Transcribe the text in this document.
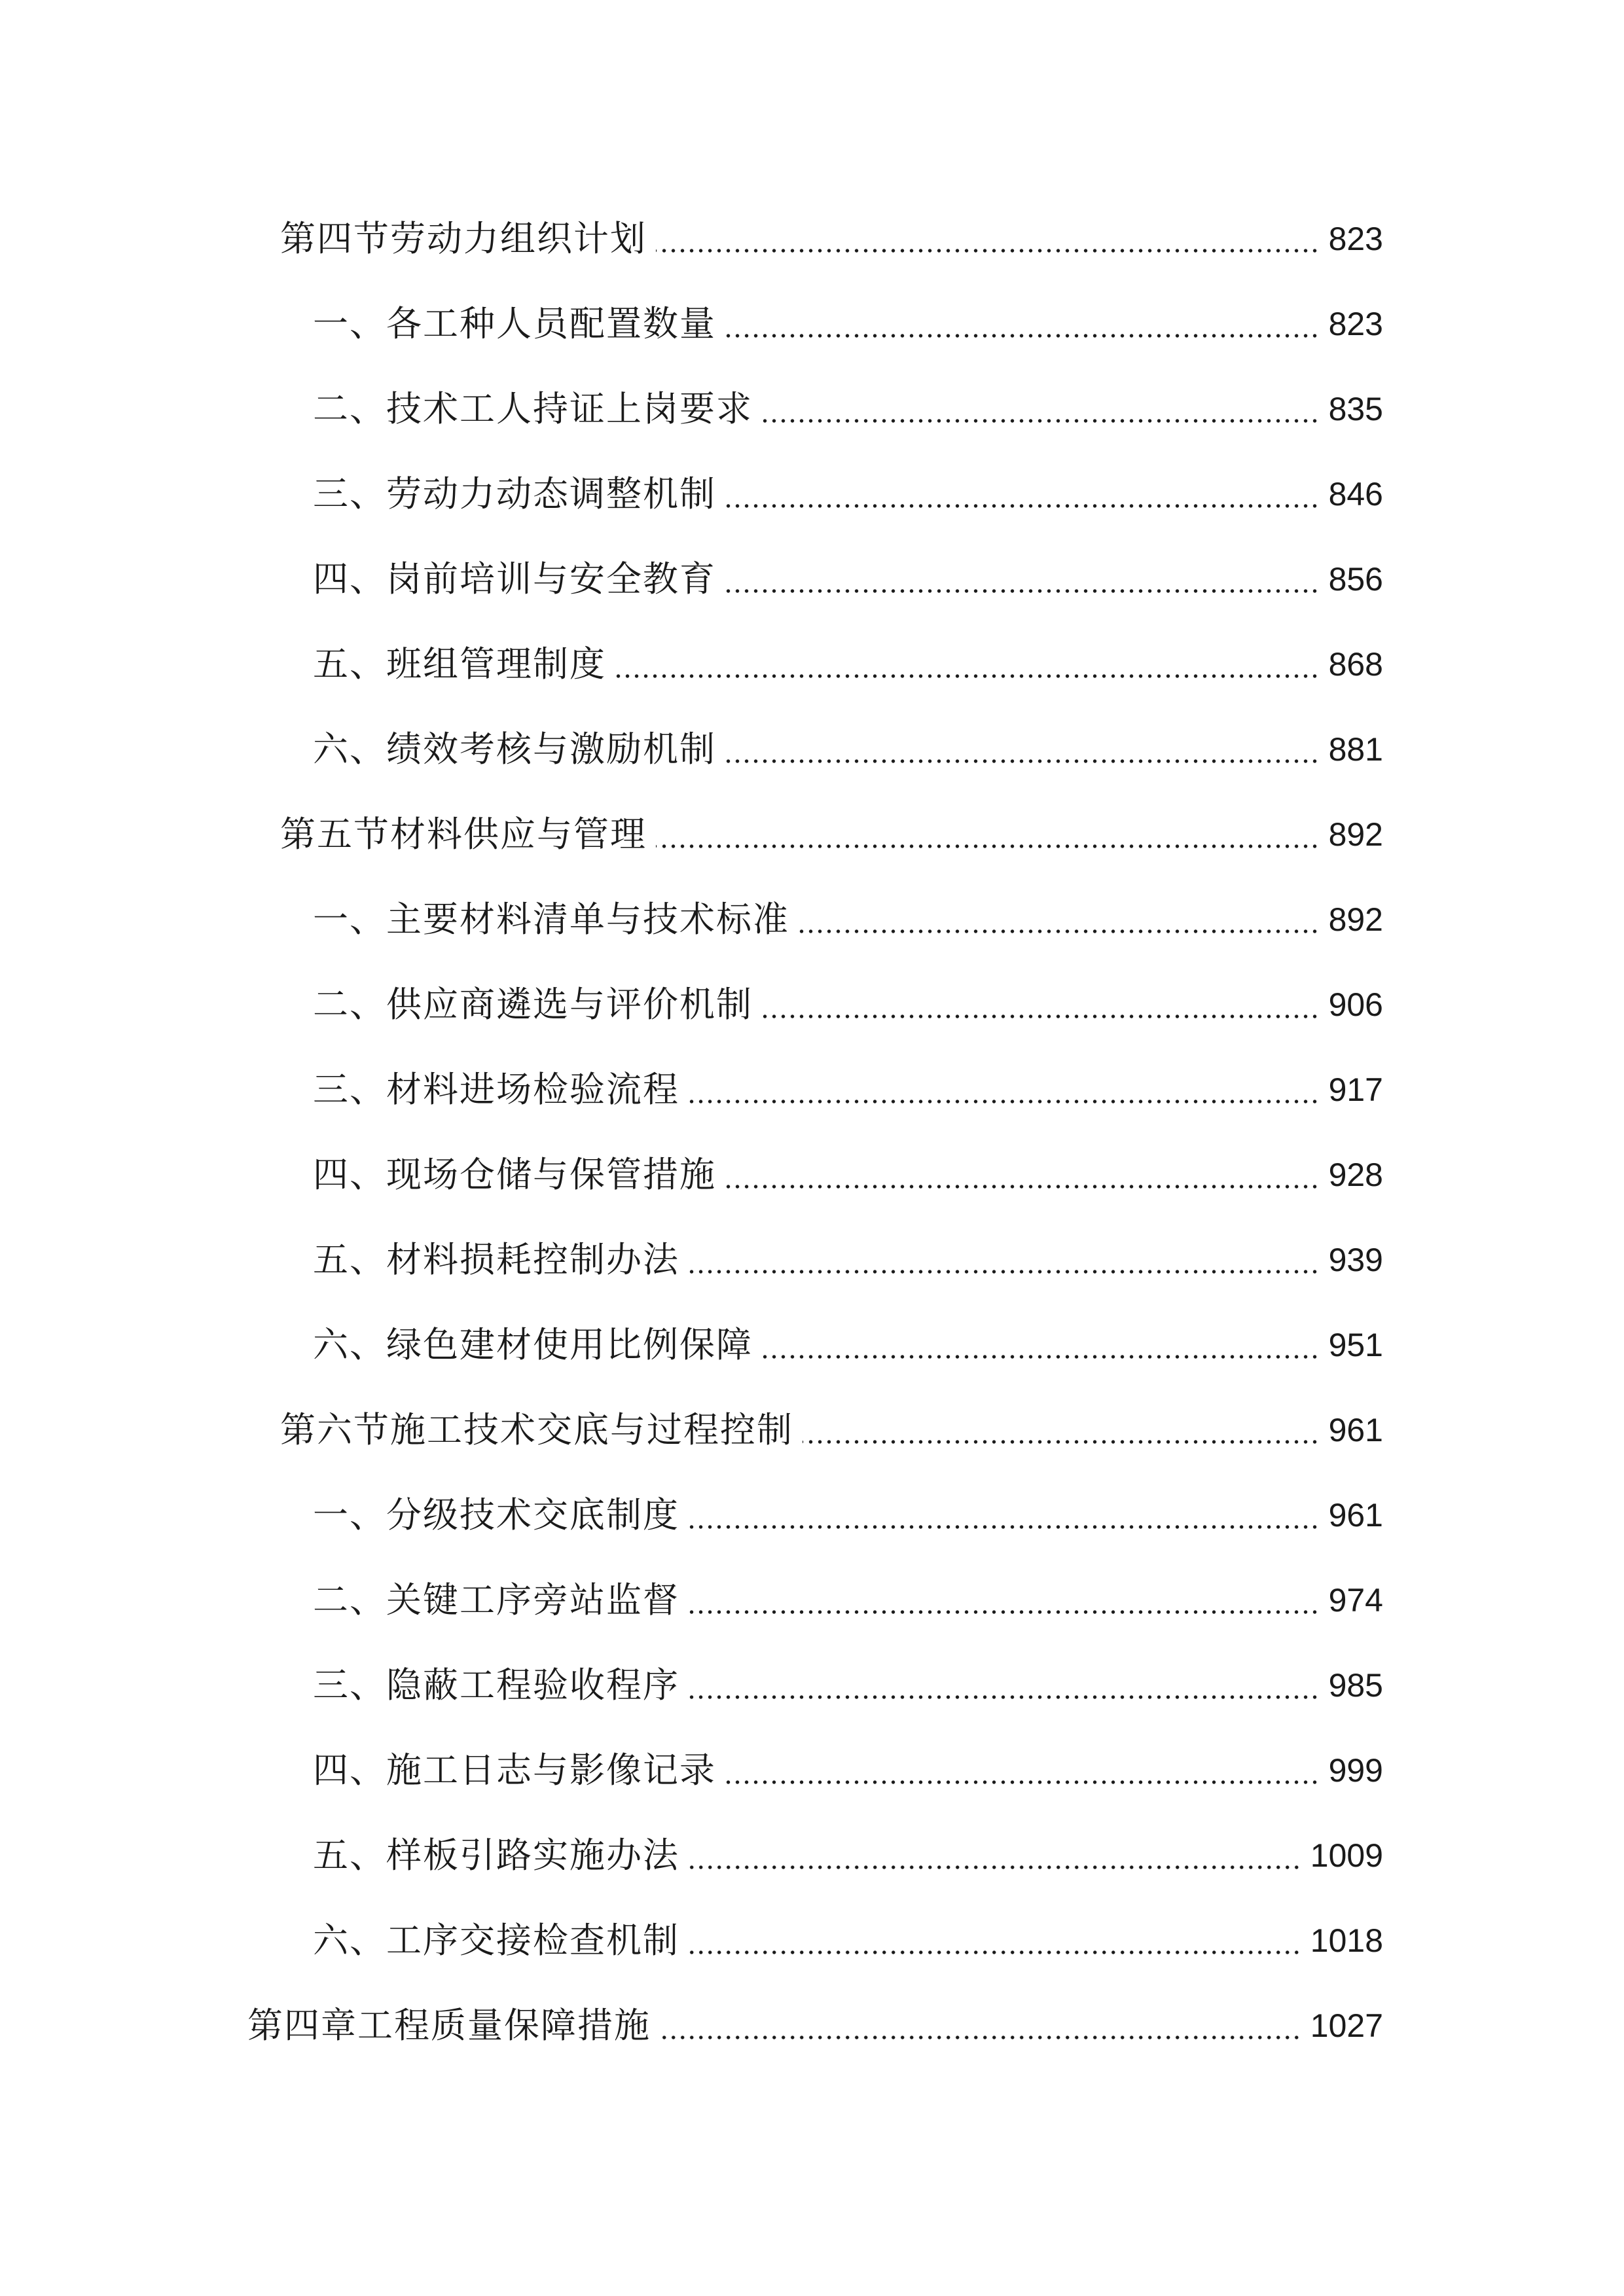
第四节劳动力组织计划	823
一、各工种人员配置数量	823
二、技术工人持证上岗要求	835
三、劳动力动态调整机制	846
四、岗前培训与安全教育	856
五、班组管理制度	868
六、绩效考核与激励机制	881
第五节材料供应与管理	892
一、主要材料清单与技术标准	892
二、供应商遴选与评价机制	906
三、材料进场检验流程	917
四、现场仓储与保管措施	928
五、材料损耗控制办法	939
六、绿色建材使用比例保障	951
第六节施工技术交底与过程控制	961
一、分级技术交底制度	961
二、关键工序旁站监督	974
三、隐蔽工程验收程序	985
四、施工日志与影像记录	999
五、样板引路实施办法	1009
六、工序交接检查机制	1018
第四章工程质量保障措施	1027
